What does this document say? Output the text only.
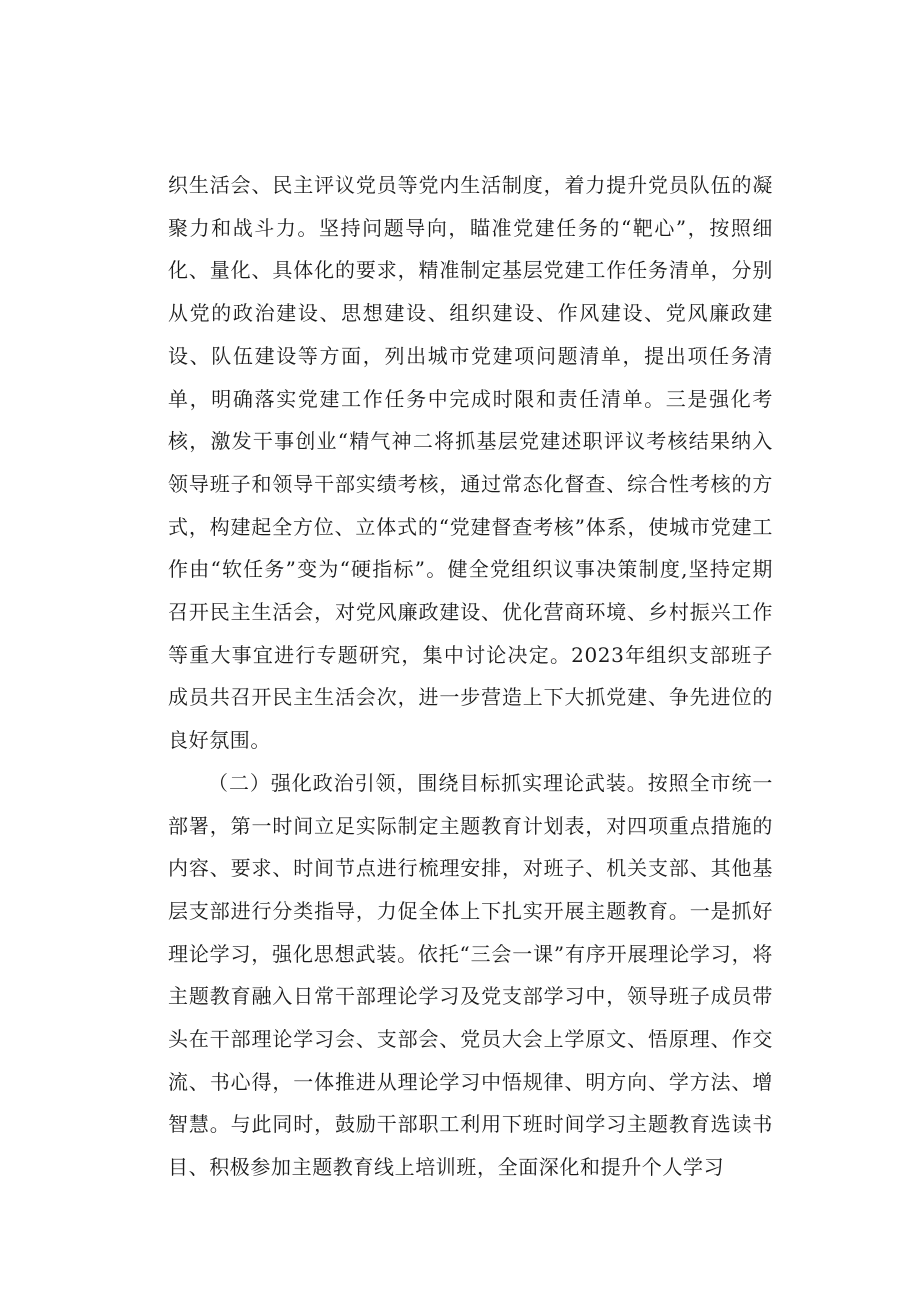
织生活会、民主评议党员等党内生活制度，着力提升党员队伍的凝聚力和战斗力。坚持问题导向，瞄准党建任务的“靶心”，按照细化、量化、具体化的要求，精准制定基层党建工作任务清单，分别从党的政治建设、思想建设、组织建设、作风建设、党风廉政建设、队伍建设等方面，列出城市党建项问题清单，提出项任务清单，明确落实党建工作任务中完成时限和责任清单。三是强化考核，激发干事创业“精气神二将抓基层党建述职评议考核结果纳入领导班子和领导干部实绩考核，通过常态化督查、综合性考核的方式，构建起全方位、立体式的“党建督查考核”体系，使城市党建工作由“软任务”变为“硬指标”。健全党组织议事决策制度,坚持定期召开民主生活会，对党风廉政建设、优化营商环境、乡村振兴工作等重大事宜进行专题研究，集中讨论决定。2023年组织支部班子成员共召开民主生活会次，进一步营造上下大抓党建、争先进位的良好氛围。

（二）强化政治引领，围绕目标抓实理论武装。按照全市统一部署，第一时间立足实际制定主题教育计划表，对四项重点措施的内容、要求、时间节点进行梳理安排，对班子、机关支部、其他基层支部进行分类指导，力促全体上下扎实开展主题教育。一是抓好理论学习，强化思想武装。依托“三会一课”有序开展理论学习，将主题教育融入日常干部理论学习及党支部学习中，领导班子成员带头在干部理论学习会、支部会、党员大会上学原文、悟原理、作交流、书心得，一体推进从理论学习中悟规律、明方向、学方法、增智慧。与此同时，鼓励干部职工利用下班时间学习主题教育选读书目、积极参加主题教育线上培训班，全面深化和提升个人学习
